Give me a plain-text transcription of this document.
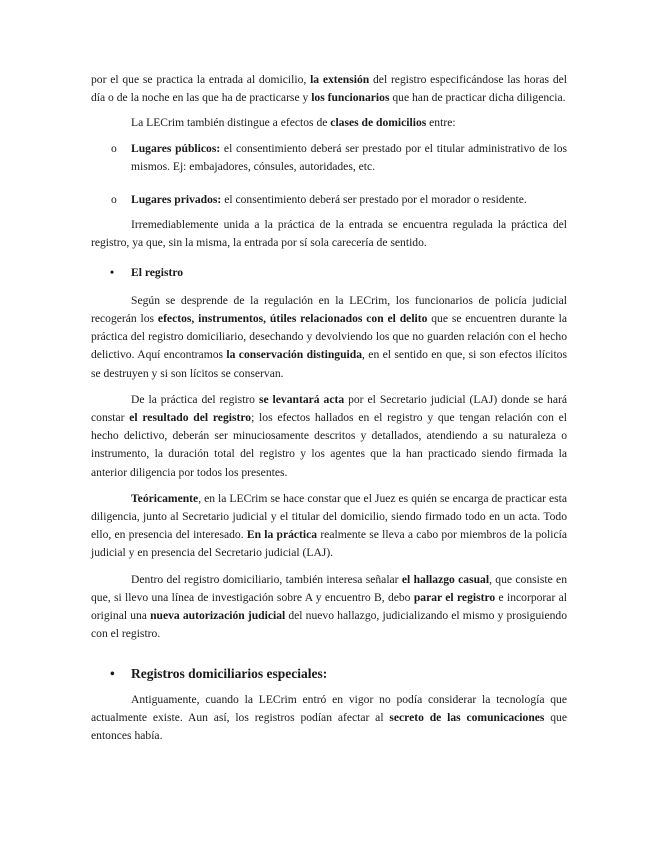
por el que se practica la entrada al domicilio, la extensión del registro especificándose las horas del día o de la noche en las que ha de practicarse y los funcionarios que han de practicar dicha diligencia.

La LECrim también distingue a efectos de clases de domicilios entre:

o Lugares públicos: el consentimiento deberá ser prestado por el titular administrativo de los mismos. Ej: embajadores, cónsules, autoridades, etc.

o Lugares privados: el consentimiento deberá ser prestado por el morador o residente.

Irremediablemente unida a la práctica de la entrada se encuentra regulada la práctica del registro, ya que, sin la misma, la entrada por sí sola carecería de sentido.

• El registro

Según se desprende de la regulación en la LECrim, los funcionarios de policía judicial recogerán los efectos, instrumentos, útiles relacionados con el delito que se encuentren durante la práctica del registro domiciliario, desechando y devolviendo los que no guarden relación con el hecho delictivo. Aquí encontramos la conservación distinguida, en el sentido en que, si son efectos ilícitos se destruyen y si son lícitos se conservan.

De la práctica del registro se levantará acta por el Secretario judicial (LAJ) donde se hará constar el resultado del registro; los efectos hallados en el registro y que tengan relación con el hecho delictivo, deberán ser minuciosamente descritos y detallados, atendiendo a su naturaleza o instrumento, la duración total del registro y los agentes que la han practicado siendo firmada la anterior diligencia por todos los presentes.

Teóricamente, en la LECrim se hace constar que el Juez es quién se encarga de practicar esta diligencia, junto al Secretario judicial y el titular del domicilio, siendo firmado todo en un acta. Todo ello, en presencia del interesado. En la práctica realmente se lleva a cabo por miembros de la policía judicial y en presencia del Secretario judicial (LAJ).

Dentro del registro domiciliario, también interesa señalar el hallazgo casual, que consiste en que, si llevo una línea de investigación sobre A y encuentro B, debo parar el registro e incorporar al original una nueva autorización judicial del nuevo hallazgo, judicializando el mismo y prosiguiendo con el registro.

• Registros domiciliarios especiales:

Antiguamente, cuando la LECrim entró en vigor no podía considerar la tecnología que actualmente existe. Aun así, los registros podían afectar al secreto de las comunicaciones que entonces había.
